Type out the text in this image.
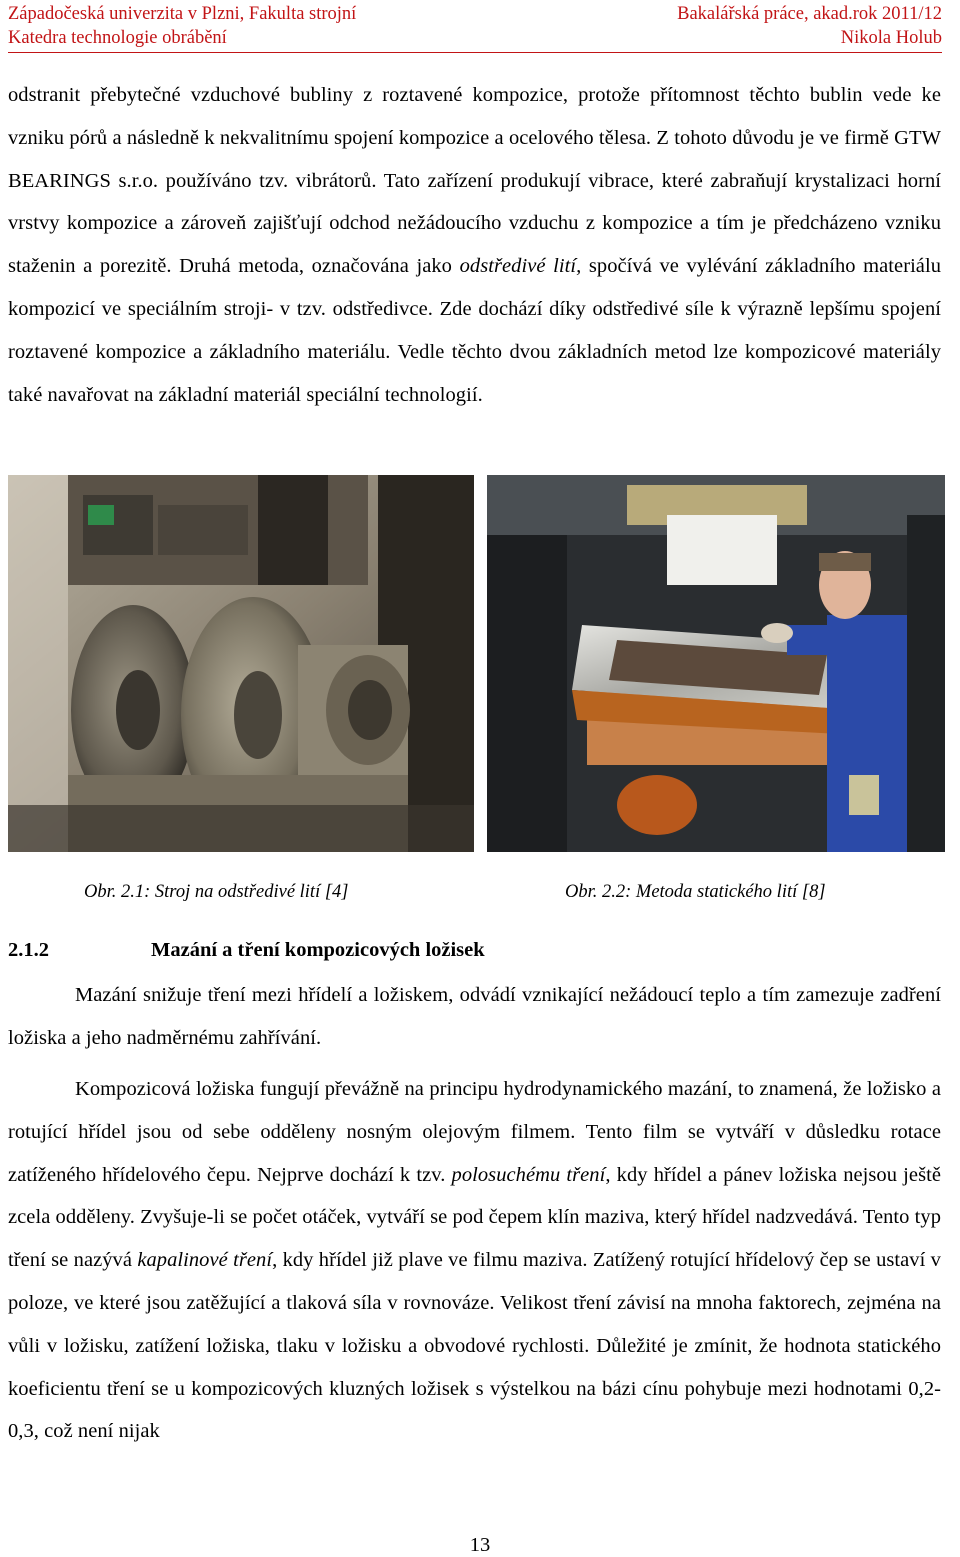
Západočeská univerzita v Plzni, Fakulta strojní	Bakalářská práce, akad.rok 2011/12
Katedra technologie obrábění	Nikola Holub

odstranit přebytečné vzduchové bubliny z roztavené kompozice, protože přítomnost těchto bublin vede ke vzniku pórů a následně k nekvalitnímu spojení kompozice a ocelového tělesa. Z tohoto důvodu je ve firmě GTW BEARINGS s.r.o. používáno tzv. vibrátorů. Tato zařízení produkují vibrace, které zabraňují krystalizaci horní vrstvy kompozice a zároveň zajišťují odchod nežádoucího vzduchu z kompozice a tím je předcházeno vzniku staženin a porezitě. Druhá metoda, označována jako odstředivé lití, spočívá ve vylévání základního materiálu kompozicí ve speciálním stroji- v tzv. odstředivce. Zde dochází díky odstředivé síle k výrazně lepšímu spojení roztavené kompozice a základního materiálu. Vedle těchto dvou základních metod lze kompozicové materiály také navařovat na základní materiál speciální technologií.

Obr. 2.1: Stroj na odstředivé lití [4]	Obr. 2.2: Metoda statického lití [8]
2.1.2	Mazání a tření kompozicových ložisek

Mazání snižuje tření mezi hřídelí a ložiskem, odvádí vznikající nežádoucí teplo a tím zamezuje zadření ložiska a jeho nadměrnému zahřívání.

Kompozicová ložiska fungují převážně na principu hydrodynamického mazání, to znamená, že ložisko a rotující hřídel jsou od sebe odděleny nosným olejovým filmem. Tento film se vytváří v důsledku rotace zatíženého hřídelového čepu. Nejprve dochází k tzv. polosuchému tření, kdy hřídel a pánev ložiska nejsou ještě zcela odděleny. Zvyšuje-li se počet otáček, vytváří se pod čepem klín maziva, který hřídel nadzvedává. Tento typ tření se nazývá kapalinové tření, kdy hřídel již plave ve filmu maziva. Zatížený rotující hřídelový čep se ustaví v poloze, ve které jsou zatěžující a tlaková síla v rovnováze. Velikost tření závisí na mnoha faktorech, zejména na vůli v ložisku, zatížení ložiska, tlaku v ložisku a obvodové rychlosti. Důležité je zmínit, že hodnota statického koeficientu tření se u kompozicových kluzných ložisek s výstelkou na bázi cínu pohybuje mezi hodnotami 0,2-0,3, což není nijak

13
